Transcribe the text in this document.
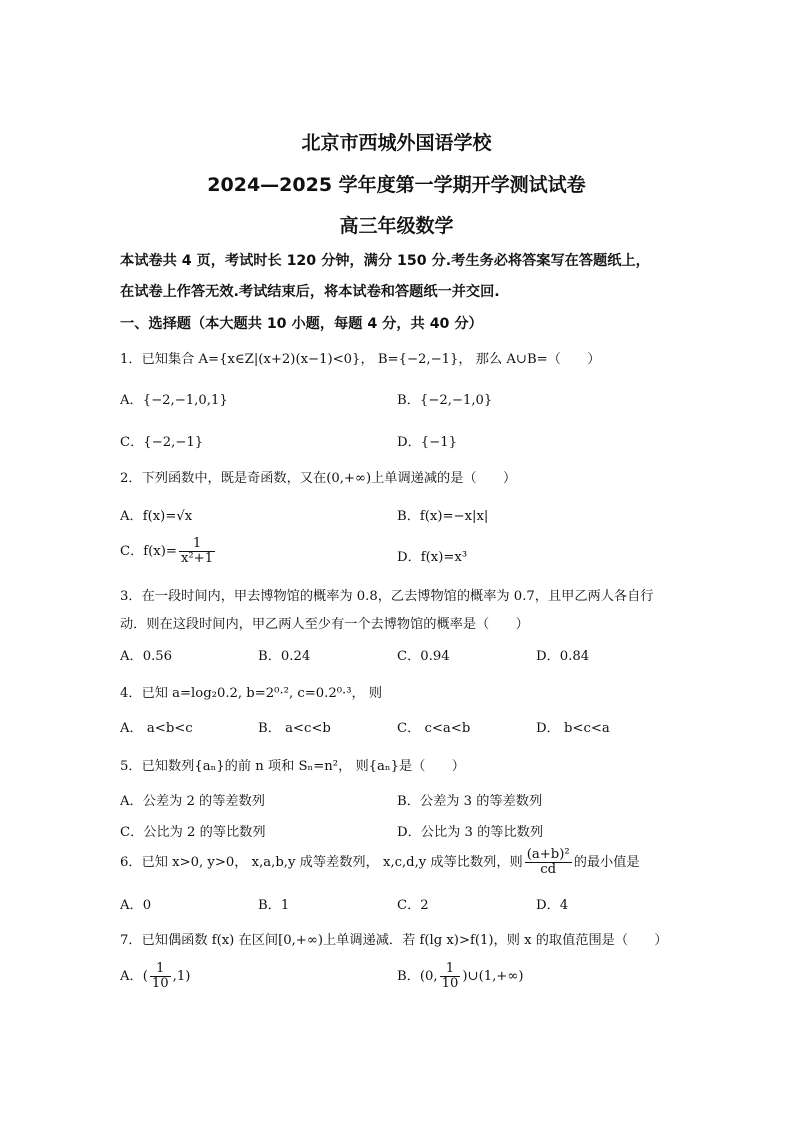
北京市西城外国语学校
2024—2025 学年度第一学期开学测试试卷
高三年级数学
本试卷共 4 页，考试时长 120 分钟，满分 150 分.考生务必将答案写在答题纸上，
在试卷上作答无效.考试结束后，将本试卷和答题纸一并交回.
一、选择题（本大题共 10 小题，每题 4 分，共 40 分）
1．已知集合 A={x∈Z|(x+2)(x−1)<0}， B={−2,−1}， 那么 A∪B=（　　）
A．{−2,−1,0,1}	B．{−2,−1,0}
C．{−2,−1}	D．{−1}
2．下列函数中，既是奇函数，又在(0,+∞)上单调递减的是（　　）
A．f(x)=√x	B．f(x)=−x|x|
C．$f(x)= \frac{1}{\text{x²+1}}$	D．f(x)=x³
3．在一段时间内，甲去博物馆的概率为 0.8，乙去博物馆的概率为 0.7，且甲乙两人各自行
动．则在这段时间内，甲乙两人至少有一个去博物馆的概率是（　　）
A．0.56	B．0.24	C．0.94	D．0.84
4．已知 a=log₂0.2, b=2⁰·², c=0.2⁰·³， 则
A． a<b<c	B． a<c<b	C． c<a<b	D． b<c<a
5．已知数列{aₙ}的前 n 项和 Sₙ=n²， 则{aₙ}是（　　）
A．公差为 2 的等差数列	B．公差为 3 的等差数列
C．公比为 2 的等比数列	D．公比为 3 的等比数列
6．已知 x>0, y>0， x,a,b,y 成等差数列， x,c,d,y 成等比数列，则 $\frac{\text{(a+b)²}}{cd}$ 的最小值是
A．0	B．1	C．2	D．4
7．已知偶函数 f(x) 在区间[0,+∞)上单调递减．若 f(lg x)>f(1)，则 x 的取值范围是（　　）
A．( $\frac{1}{10} ,1$)	B．(0, $\frac{1}{10}$ )∪(1,+∞)
